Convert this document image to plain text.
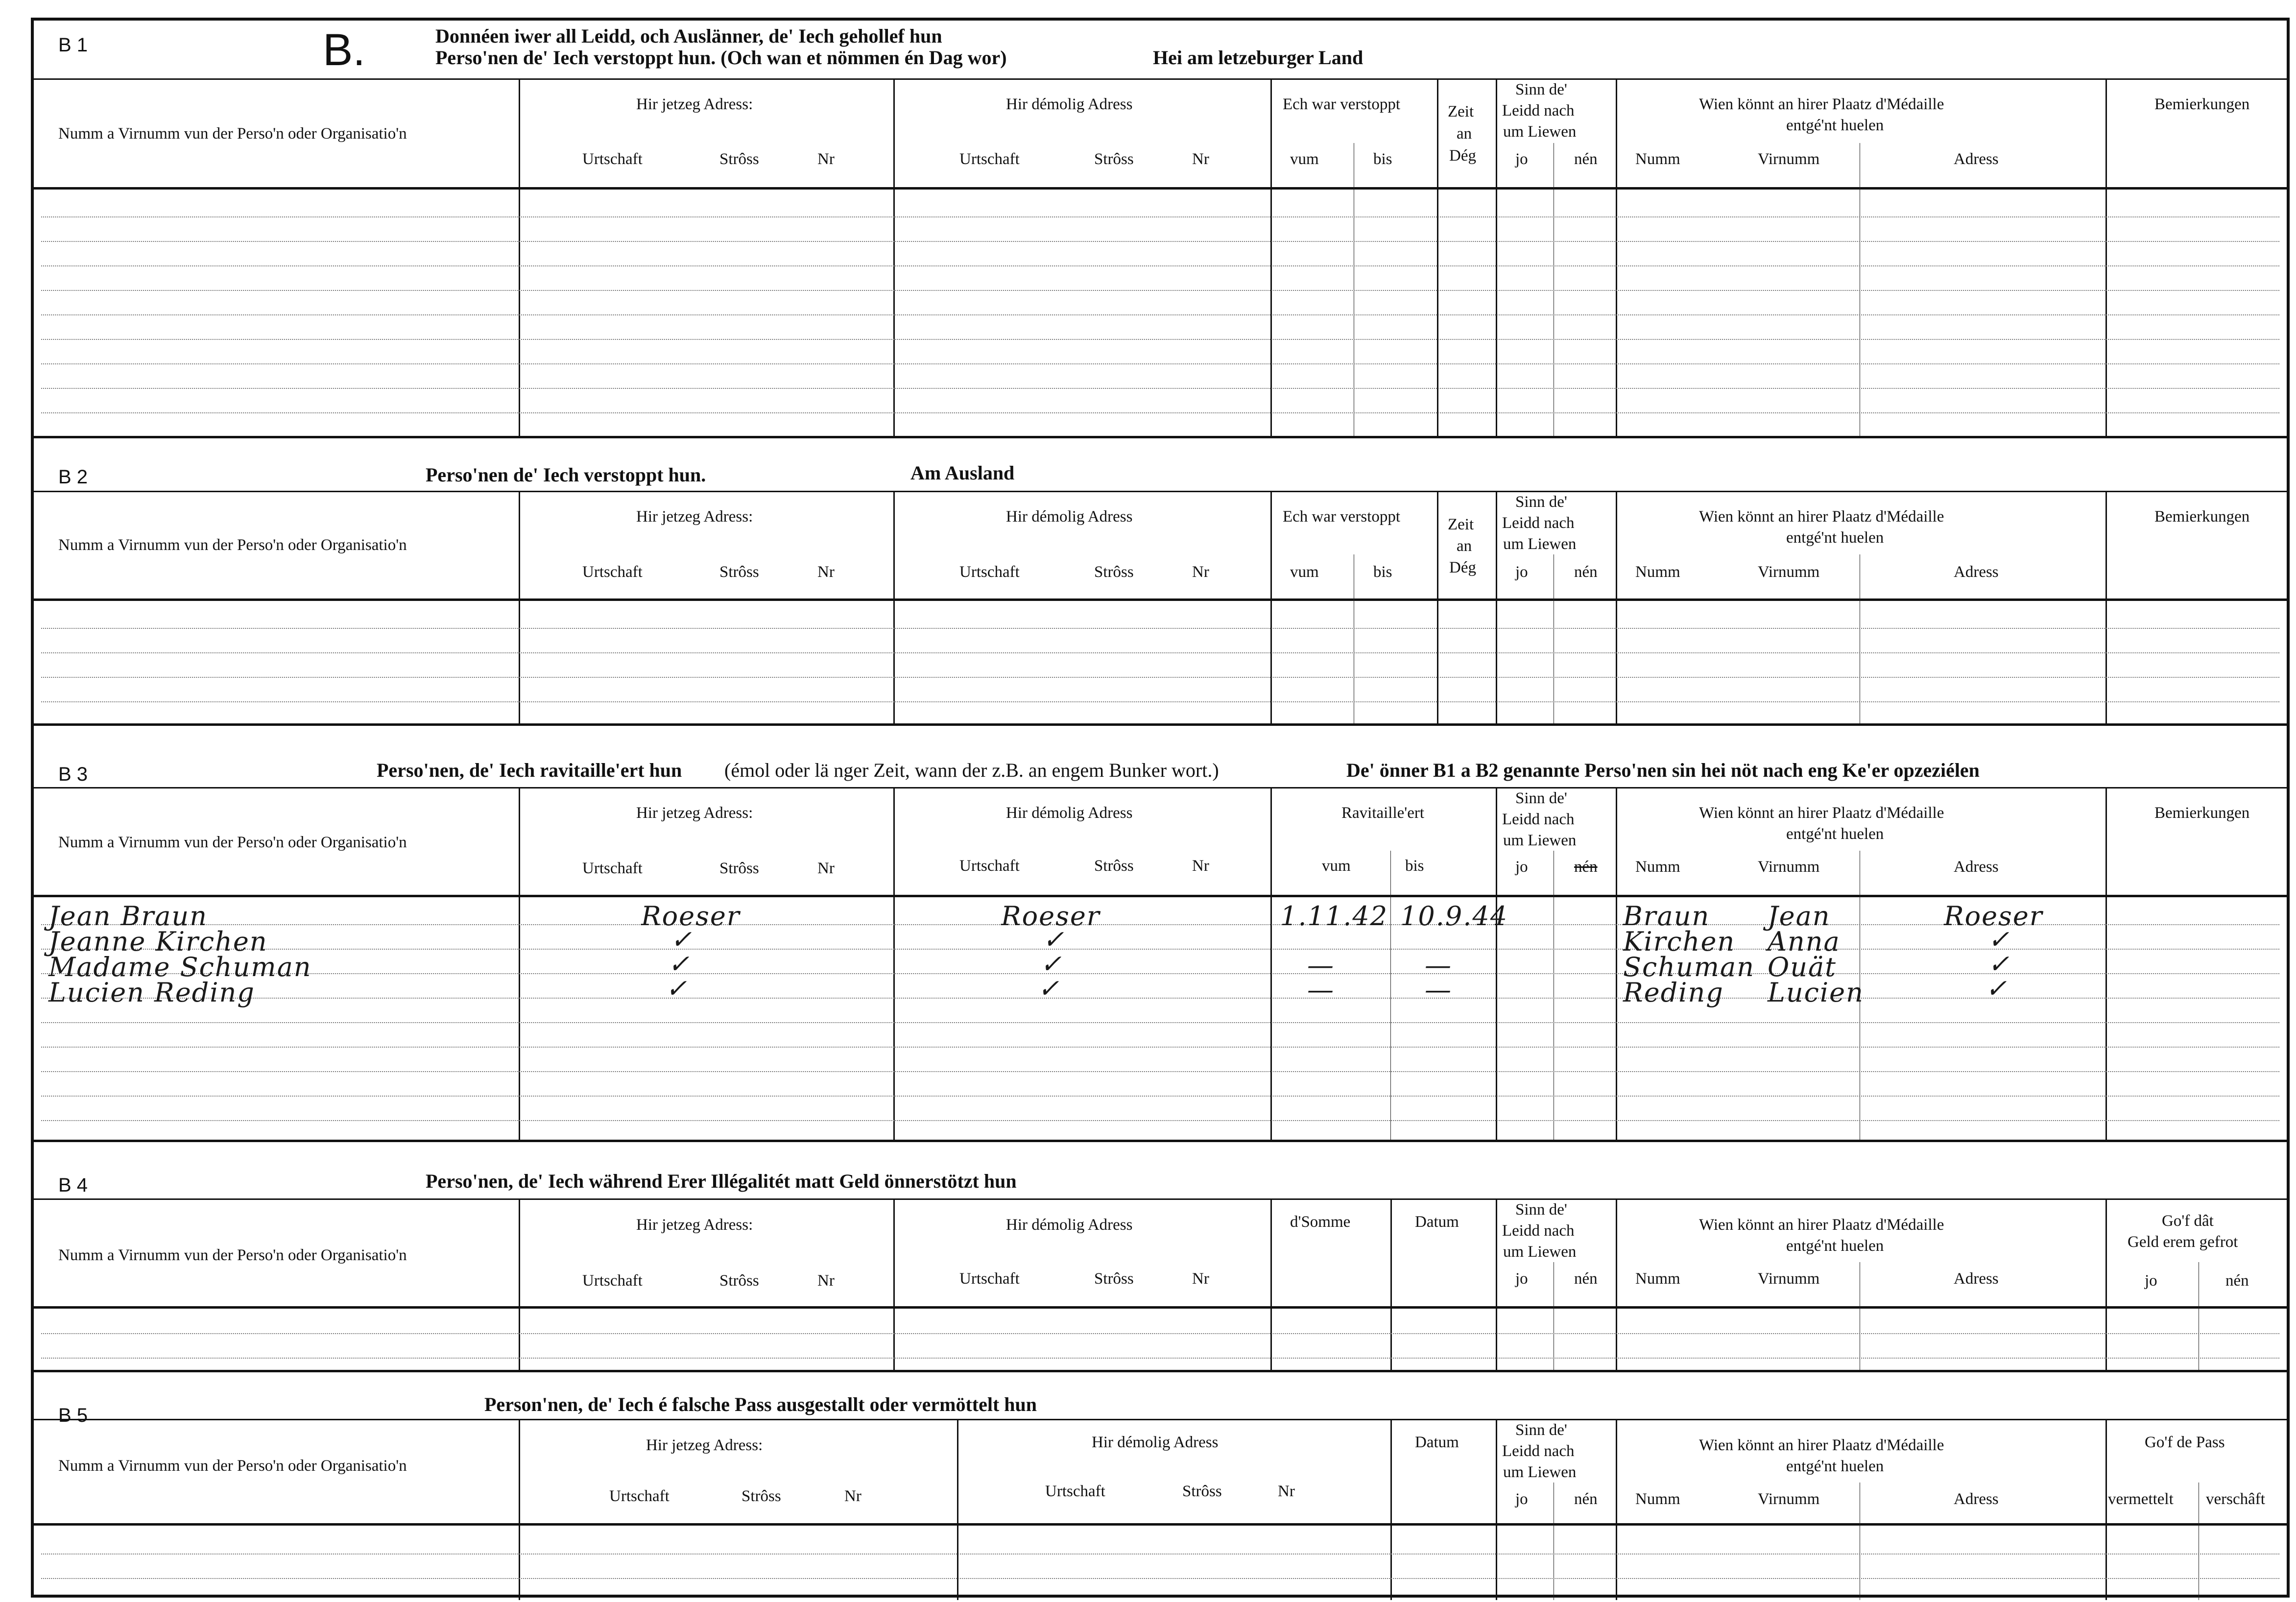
B 1	B.	Donnéen iwer all Leidd, och Auslänner, de' Iech gehollef hun
Perso'nen de' Iech verstoppt hun. (Och wan et nömmen én Dag wor)	Hei am letzeburger Land
Numm a Virnumm vun der Perso'n oder Organisatio'n
Hir jetzeg Adress:
Urtschaft	Strôss	Nr
Hir démolig Adress
Urtschaft	Strôss	Nr
Ech war verstoppt
vum	bis
Zeit
an
Dég
Sinn de'
Leidd nach
um Liewen
jo	nén
Wien könnt an hirer Plaatz d'Médaille
entgé'nt huelen
Numm	Virnumm	Adress
Bemierkungen
B 2	Perso'nen de' Iech verstoppt hun.	Am Ausland
Numm a Virnumm vun der Perso'n oder Organisatio'n
Hir jetzeg Adress:
Urtschaft	Strôss	Nr
Hir démolig Adress
Urtschaft	Strôss	Nr
Ech war verstoppt
vum	bis
Zeit
an
Dég
Sinn de'
Leidd nach
um Liewen
jo	nén
Wien könnt an hirer Plaatz d'Médaille
entgé'nt huelen
Numm	Virnumm	Adress
Bemierkungen
B 3	Perso'nen, de' Iech ravitaille'ert hun (émol oder lä nger Zeit, wann der z.B. an engem Bunker wort.)	De' önner B1 a B2 genannte Perso'nen sin hei nöt nach eng Ke'er opzeziélen
Numm a Virnumm vun der Perso'n oder Organisatio'n
Hir jetzeg Adress:
Urtschaft	Strôss	Nr
Hir démolig Adress
Urtschaft	Strôss	Nr
Ravitaille'ert
vum	bis
Sinn de'
Leidd nach
um Liewen
jo	nén
Wien könnt an hirer Plaatz d'Médaille
entgé'nt huelen
Numm	Virnumm	Adress
Bemierkungen
Jean Braun	Roeser	Roeser	1.11.42 10.9.44	Braun Jean	Roeser
Jeanne Kirchen	✓	✓	Kirchen Anna	✓
Madame Schuman	✓	✓	—	—	Schuman Ouät	✓
Lucien Reding	✓	✓	—	—	Reding Lucien	✓
B 4	Perso'nen, de' Iech während Erer Illégalitét matt Geld önnerstötzt hun
Numm a Virnumm vun der Perso'n oder Organisatio'n
Hir jetzeg Adress:
Urtschaft	Strôss	Nr
Hir démolig Adress
Urtschaft	Strôss	Nr
d'Somme	Datum
Sinn de'
Leidd nach
um Liewen
jo	nén
Wien könnt an hirer Plaatz d'Médaille
entgé'nt huelen
Numm	Virnumm	Adress
Go'f dât
Geld erem gefrot
jo	nén
B 5	Person'nen, de' Iech é falsche Pass ausgestallt oder vermöttelt hun
Numm a Virnumm vun der Perso'n oder Organisatio'n
Hir jetzeg Adress:
Urtschaft	Strôss	Nr
Hir démolig Adress
Urtschaft	Strôss	Nr
Datum
Sinn de'
Leidd nach
um Liewen
jo	nén
Wien könnt an hirer Plaatz d'Médaille
entgé'nt huelen
Numm	Virnumm	Adress
Go'f de Pass
vermettelt verschâft
